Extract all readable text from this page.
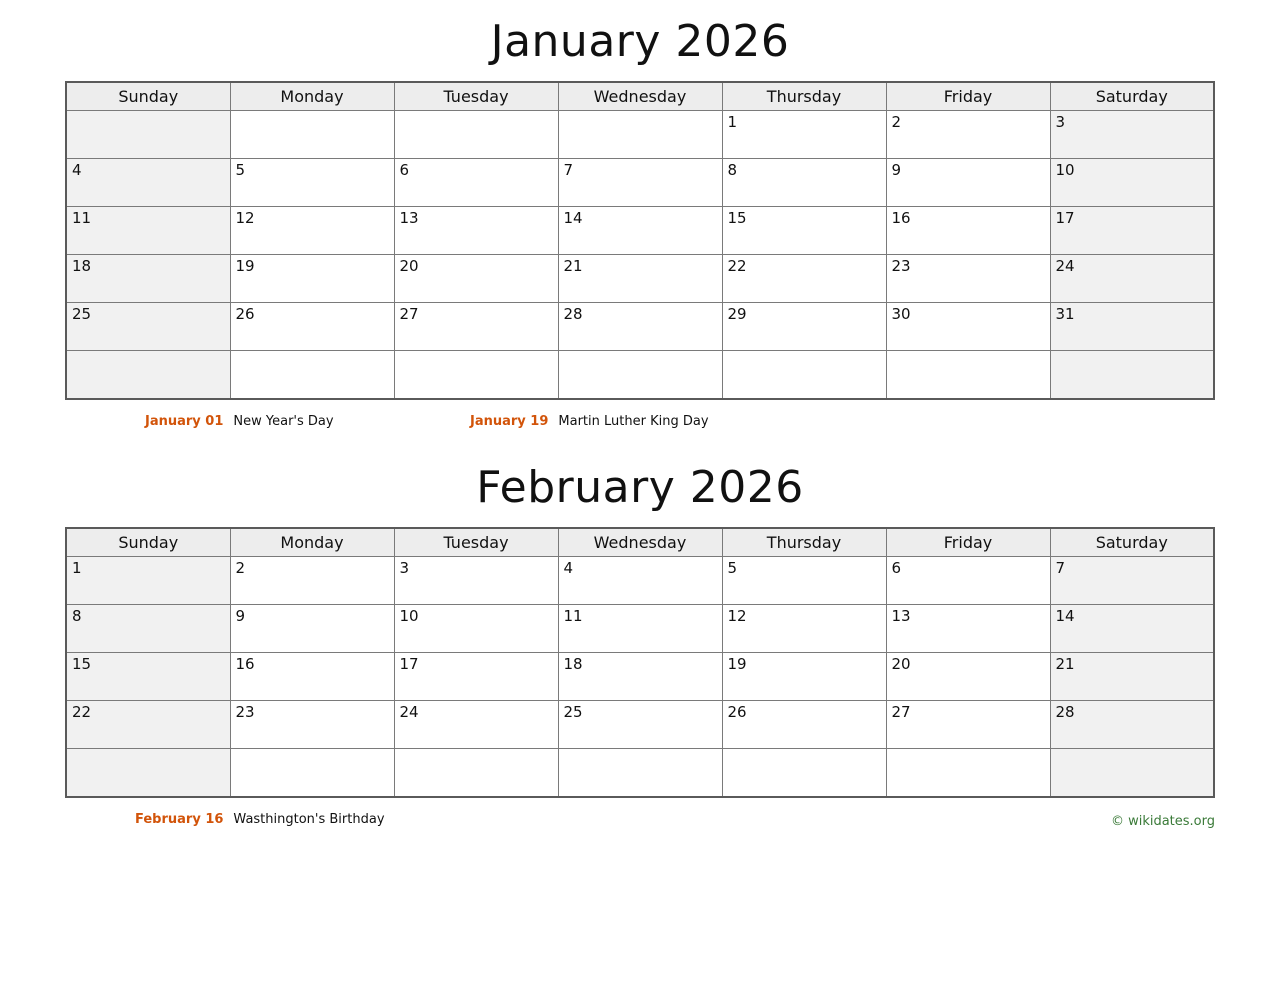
January 2026
Sunday	Monday	Tuesday	Wednesday	Thursday	Friday	Saturday
				1	2	3
4	5	6	7	8	9	10
11	12	13	14	15	16	17
18	19	20	21	22	23	24
25	26	27	28	29	30	31

January 01 New Year's Day	January 19 Martin Luther King Day
February 2026
Sunday	Monday	Tuesday	Wednesday	Thursday	Friday	Saturday
1	2	3	4	5	6	7
8	9	10	11	12	13	14
15	16	17	18	19	20	21
22	23	24	25	26	27	28

February 16 Wasthington's Birthday	© wikidates.org
